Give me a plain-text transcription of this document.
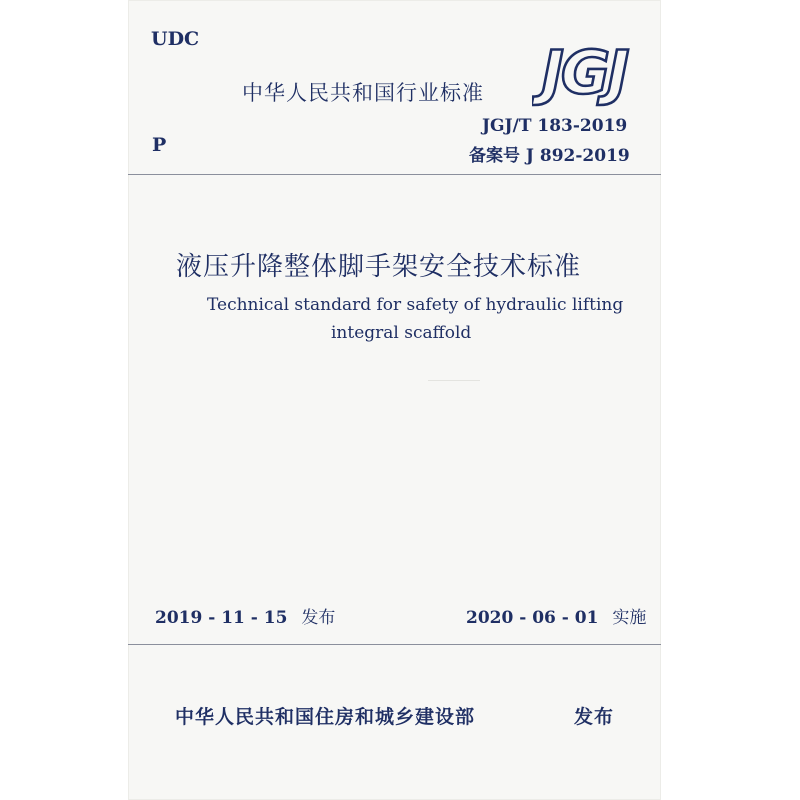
UDC
中华人民共和国行业标准 JGJ
JGJ/T 183-2019
P	备案号 J 892-2019
液压升降整体脚手架安全技术标准
Technical standard for safety of hydraulic lifting
integral scaffold
2019 - 11 - 15 发布	2020 - 06 - 01 实施
中华人民共和国住房和城乡建设部	发布
